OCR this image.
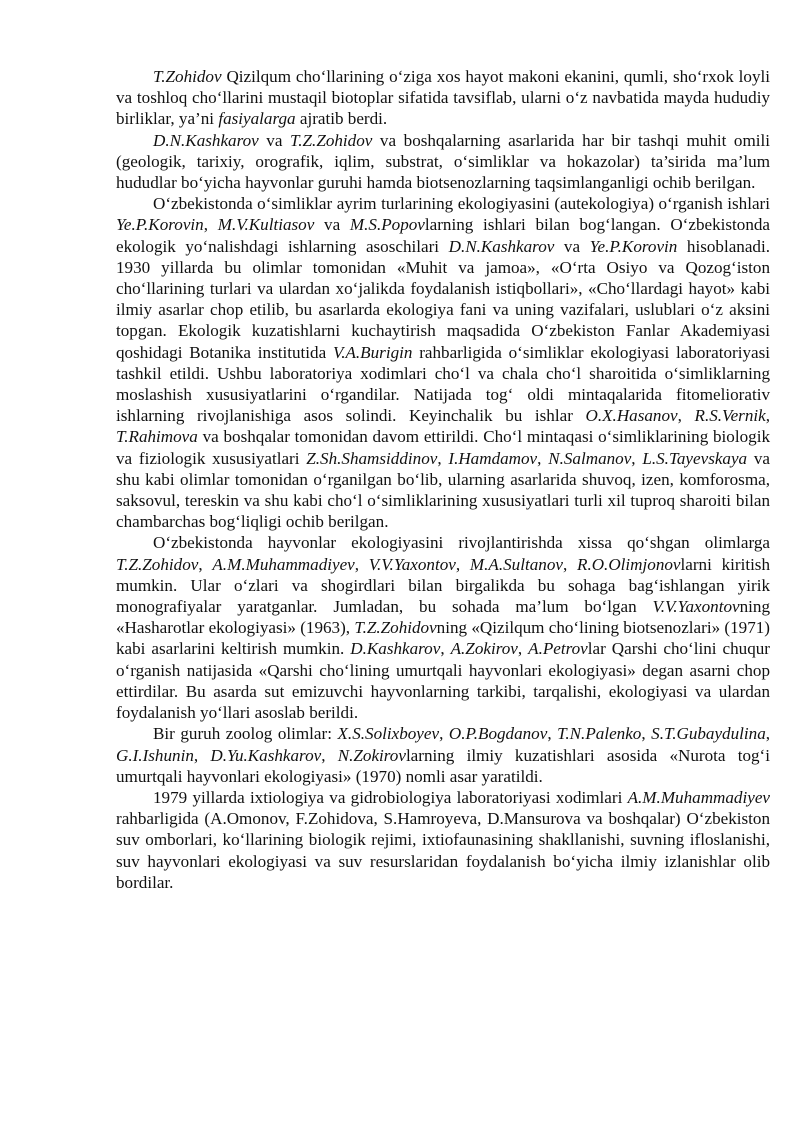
T.Zohidov Qizilqum cho‘llarining o‘ziga xos hayot makoni ekanini, qumli, sho‘rxok loyli va toshloq cho‘llarini mustaqil biotoplar sifatida tavsiflab, ularni o‘z navbatida mayda hududiy birliklar, ya’ni fasiyalarga ajratib berdi.

D.N.Kashkarov va T.Z.Zohidov va boshqalarning asarlarida har bir tashqi muhit omili (geologik, tarixiy, orografik, iqlim, substrat, o‘simliklar va hokazolar) ta’sirida ma’lum hududlar bo‘yicha hayvonlar guruhi hamda biotsenozlarning taqsimlanganligi ochib berilgan.

O‘zbekistonda o‘simliklar ayrim turlarining ekologiyasini (autekologiya) o‘rganish ishlari Ye.P.Korovin, M.V.Kultiasov va M.S.Popovlarning ishlari bilan bog‘langan. O‘zbekistonda ekologik yo‘nalishdagi ishlarning asoschilari D.N.Kashkarov va Ye.P.Korovin hisoblanadi. 1930 yillarda bu olimlar tomonidan «Muhit va jamoa», «O‘rta Osiyo va Qozog‘iston cho‘llarining turlari va ulardan xo‘jalikda foydalanish istiqbollari», «Cho‘llardagi hayot» kabi ilmiy asarlar chop etilib, bu asarlarda ekologiya fani va uning vazifalari, uslublari o‘z aksini topgan. Ekologik kuzatishlarni kuchaytirish maqsadida O‘zbekiston Fanlar Akademiyasi qoshidagi Botanika institutida V.A.Burigin rahbarligida o‘simliklar ekologiyasi laboratoriyasi tashkil etildi. Ushbu laboratoriya xodimlari cho‘l va chala cho‘l sharoitida o‘simliklarning moslashish xususiyatlarini o‘rgandilar. Natijada tog‘ oldi mintaqalarida fitomeliorativ ishlarning rivojlanishiga asos solindi. Keyinchalik bu ishlar O.X.Hasanov, R.S.Vernik, T.Rahimova va boshqalar tomonidan davom ettirildi. Cho‘l mintaqasi o‘simliklarining biologik va fiziologik xususiyatlari Z.Sh.Shamsiddinov, I.Hamdamov, N.Salmanov, L.S.Tayevskaya va shu kabi olimlar tomonidan o‘rganilgan bo‘lib, ularning asarlarida shuvoq, izen, komforosma, saksovul, tereskin va shu kabi cho‘l o‘simliklarining xususiyatlari turli xil tuproq sharoiti bilan chambarchas bog‘liqligi ochib berilgan.

O‘zbekistonda hayvonlar ekologiyasini rivojlantirishda xissa qo‘shgan olimlarga T.Z.Zohidov, A.M.Muhammadiyev, V.V.Yaxontov, M.A.Sultanov, R.O.Olimjonovlarni kiritish mumkin. Ular o‘zlari va shogirdlari bilan birgalikda bu sohaga bag‘ishlangan yirik monografiyalar yaratganlar. Jumladan, bu sohada ma’lum bo‘lgan V.V.Yaxontovning «Hasharotlar ekologiyasi» (1963), T.Z.Zohidovning «Qizilqum cho‘lining biotsenozlari» (1971) kabi asarlarini keltirish mumkin. D.Kashkarov, A.Zokirov, A.Petrovlar Qarshi cho‘lini chuqur o‘rganish natijasida «Qarshi cho‘lining umurtqali hayvonlari ekologiyasi» degan asarni chop ettirdilar. Bu asarda sut emizuvchi hayvonlarning tarkibi, tarqalishi, ekologiyasi va ulardan foydalanish yo‘llari asoslab berildi.

Bir guruh zoolog olimlar: X.S.Solixboyev, O.P.Bogdanov, T.N.Palenko, S.T.Gubaydulina, G.I.Ishunin, D.Yu.Kashkarov, N.Zokirovlarning ilmiy kuzatishlari asosida «Nurota tog‘i umurtqali hayvonlari ekologiyasi» (1970) nomli asar yaratildi.

1979 yillarda ixtiologiya va gidrobiologiya laboratoriyasi xodimlari A.M.Muhammadiyev rahbarligida (A.Omonov, F.Zohidova, S.Hamroyeva, D.Mansurova va boshqalar) O‘zbekiston suv omborlari, ko‘llarining biologik rejimi, ixtiofaunasining shakllanishi, suvning ifloslanishi, suv hayvonlari ekologiyasi va suv resurslaridan foydalanish bo‘yicha ilmiy izlanishlar olib bordilar.
